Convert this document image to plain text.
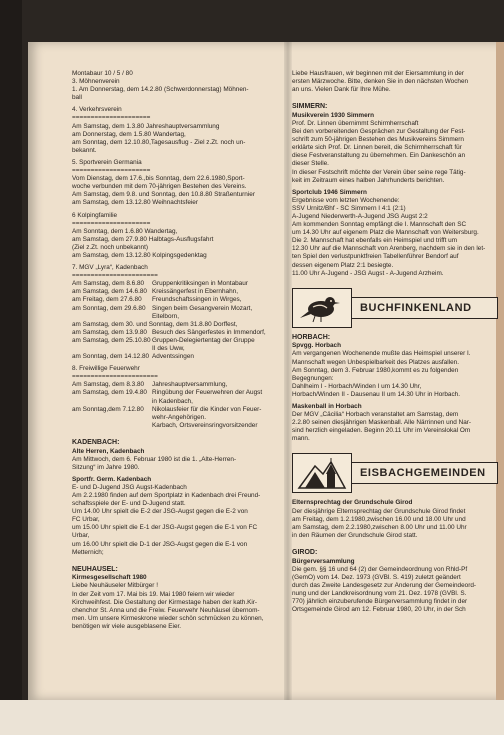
Montabaur 10 / 5 / 80
3. Möhnenverein
1. Am Donnerstag, dem 14.2.80 (Schwerdonnerstag) Möhnen-
ball
4. Verkehrsverein
=====================
Am Samstag, dem 1.3.80 Jahreshauptversammlung
am Donnerstag, dem 1.5.80 Wandertag,
am Sonntag, dem 12.10.80,Tagesausflug - Ziel z.Zt. noch un-
bekannt.
5. Sportverein Germania
=====================
Vom Dienstag, dem 17.6.,bis Sonntag, dem 22.6.1980,Sport-
woche verbunden mit dem 70-jährigen Bestehen des Vereins.
Am Samstag, dem 9.8. und Sonntag, den 10.8.80 Straßenturnier
am Samstag, dem 13.12.80 Weihnachtsfeier
6 Kolpingfamilie
=====================
Am Sonntag, dem 1.6.80 Wandertag,
am Samstag, dem 27.9.80 Halbtags-Ausflugsfahrt
(Ziel z.Zt. noch unbekannt)
am Samstag, dem 13.12.80 Kolpingsgedenktag
7. MGV „Lyra“, Kadenbach
=======================
Am Samstag, dem 8.6.80	Gruppenkritiksingen in Montabaur
am Samstag, dem 14.6.80 Kreissängerfest in Ebernhahn,
am Freitag, dem 27.6.80	Freundschaftssingen in Wirges,
am Sonntag, dem 29.6.80	Singen beim Gesangverein Mozart,
Eitelborn,
am Samstag, dem 30. und Sonntag, dem 31.8.80 Dorffest,
am Samstag, dem 13.9.80 Besuch des Sängerfestes in Immendorf,
am Samstag, dem 25.10.80 Gruppen-Delegiertentag der Gruppe
II des Uww,
am Sonntag, dem 14.12.80 Adventssingen
8. Freiwillige Feuerwehr
=======================
Am Samstag, dem 8.3.80	Jahreshauptversammlung,
am Samstag, dem 19.4.80 Ringübung der Feuerwehren der Augst
in Kadenbach,
am Sonntag,dem 7.12.80	Nikolausfeier für die Kinder von Feuer-
wehr-Angehörigen.
Karbach, Ortsvereinsringvorsitzender
KADENBACH:
Alte Herren, Kadenbach
Am Mittwoch, dem 6. Februar 1980 ist die 1. „Alte-Herren-
Sitzung“ im Jahre 1980.
Sportfr. Germ. Kadenbach
E- und D-Jugend JSG Augst-Kadenbach
Am 2.2.1980 finden auf dem Sportplatz in Kadenbach drei Freund-
schaftsspiele der E- und D-Jugend statt.
Um 14.00 Uhr spielt die E-2 der JSG-Augst gegen die E-2 von
FC Urbar,
um 15.00 Uhr spielt die E-1 der JSG-Augst gegen die E-1 von FC
Urbar,
um 16.00 Uhr spielt die D-1 der JSG-Augst gegen die E-1 von
Metternich;
NEUHÄUSEL:
Kirmesgesellschaft 1980
Liebe Neuhäuseler Mitbürger !
In der Zeit vom 17. Mai bis 19. Mai 1980 feiern wir wieder
Kirchweihfest. Die Gestaltung der Kirmestage haben der kath.Kir-
chenchor St. Anna und die Freiw. Feuerwehr Neuhäusel übernom-
men. Um unsere Kirmeskrone wieder schön schmücken zu können,
benötigen wir viele ausgeblasene Eier.
Liebe Hausfrauen, wir beginnen mit der Eiersammlung in der
ersten Märzwoche. Bitte, denken Sie in den nächsten Wochen
an uns. Vielen Dank für Ihre Mühe.
SIMMERN:
Musikverein 1930 Simmern
Prof. Dr. Linnen übernimmt Schirmherrschaft
Bei den vorbereitenden Gesprächen zur Gestaltung der Fest-
schrift zum 50-jährigen Bestehen des Musikvereins Simmern
erklärte sich Prof. Dr. Linnen bereit, die Schirmherrschaft für
diese Festveranstaltung zu übernehmen. Ein Dankeschön an
dieser Stelle.
In dieser Festschrift möchte der Verein über seine rege Tätig-
keit im Zeitraum eines halben Jahrhunderts berichten.
Sportclub 1946 Simmern
Ergebnisse vom letzten Wochenende:
SSV Urnitz/Bhf - SC Simmern I 4:1 (2:1)
A-Jugend Niederwerth-A-Jugend JSG Augst 2:2
Am kommenden Sonntag empfängt die I. Mannschaft den SC
um 14.30 Uhr auf eigenem Platz die Mannschaft von Weitersburg.
Die 2. Mannschaft hat ebenfalls ein Heimspiel und trifft um
12.30 Uhr auf die Mannschaft von Arenberg, nachdem sie in den let-
ten Spiel den verlustpunktfreien Tabellenführer Bendorf auf
dessen eigenem Platz 2:1 besiegte.
11.00 Uhr A-Jugend - JSG Augst - A-Jugend Arzheim.
BUCHFINKENLAND
HORBACH:
Spvgg. Horbach
Am vergangenen Wochenende mußte das Heimspiel unserer I.
Mannschaft wegen Unbespielbarkeit des Platzes ausfallen.
Am Sonntag, dem 3. Februar 1980,kommt es zu folgenden
Begegnungen:
Dahlheim I - Horbach/Winden I um 14.30 Uhr,
Horbach/Winden II - Dausenau II um 14.30 Uhr in Horbach.
Maskenball in Horbach
Der MGV „Cäcilia“ Horbach veranstaltet am Samstag, dem
2.2.80 seinen diesjährigen Maskenball. Alle Närrinnen und Nar-
sind herzlich eingeladen. Beginn 20.11 Uhr im Vereinslokal Om
mann.
EISBACHGEMEINDEN
Elternsprechtag der Grundschule Girod
Der diesjährige Elternsprechtag der Grundschule Girod findet
am Freitag, dem 1.2.1980,zwischen 16.00 und 18.00 Uhr und
am Samstag, dem 2.2.1980,zwischen 8.00 Uhr und 11.00 Uhr
in den Räumen der Grundschule Girod statt.
GIROD:
Bürgerversammlung
Die gem. §§ 16 und 64 (2) der Gemeindeordnung von Rhld-Pf
(GemO) vom 14. Dez. 1973 (GVBl. S. 419) zuletzt geändert
durch das Zweite Landesgesetz zur Änderung der Gemeindeord-
nung und der Landkreisordnung vom 21. Dez. 1978 (GVBl. S.
770) jährlich einzuberufende Bürgerversammlung findet in der
Ortsgemeinde Girod am 12. Februar 1980, 20 Uhr, in der Sch
